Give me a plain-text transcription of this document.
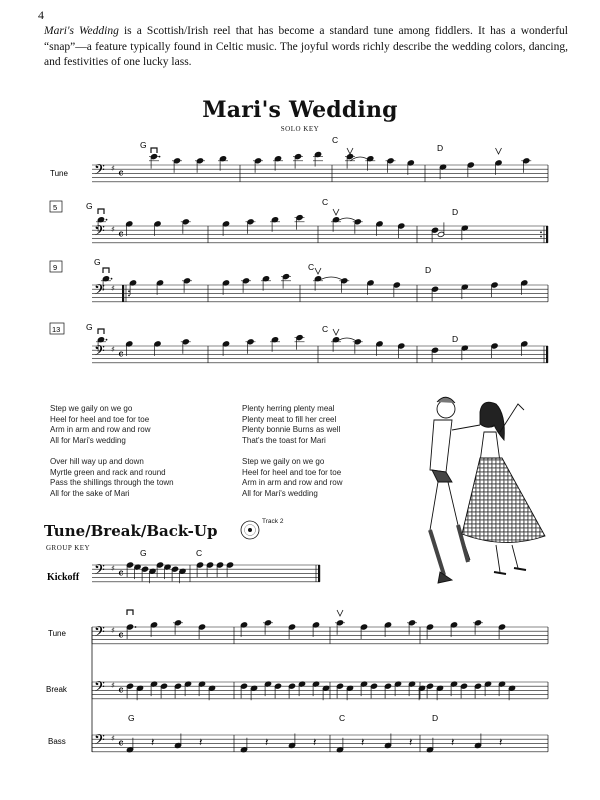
4
Mari's Wedding is a Scottish/Irish reel that has become a standard tune among fiddlers. It has a wonderful “snap”—a feature typically found in Celtic music. The joyful words richly describe the wedding colors, dancing, and festivities of one lucky lass.
Mari's Wedding
SOLO KEY
Step we gaily on we go
Heel for heel and toe for toe
Arm in arm and row and row
All for Mari's wedding

Over hill way up and down
Myrtle green and rack and round
Pass the shillings through the town
All for the sake of Mari
Plenty herring plenty meal
Plenty meat to fill her creel
Plenty bonnie Burns as well
That's the toast for Mari

Step we gaily on we go
Heel for heel and toe for toe
Arm in arm and row and row
All for Mari's wedding
Tune/Break/Back-Up
GROUP KEY
Track 2
𝄢 ♯ 𝄴
𝄢 ♯ 𝄴
𝄢 ♯
𝄢 ♯ 𝄴
𝄢 ♯ 𝄴
𝄢 ♯ 𝄴
𝄢 ♯ 𝄴
𝄢 ♯ 𝄴 𝄽	𝄽	𝄽	𝄽	𝄽	𝄽	𝄽	𝄽
Tune
5
9
13
G	C
D
G	C
D
G	C	D
G	C
D
Kickoff
G	C
Tune
Break
Bass
G	C	D
